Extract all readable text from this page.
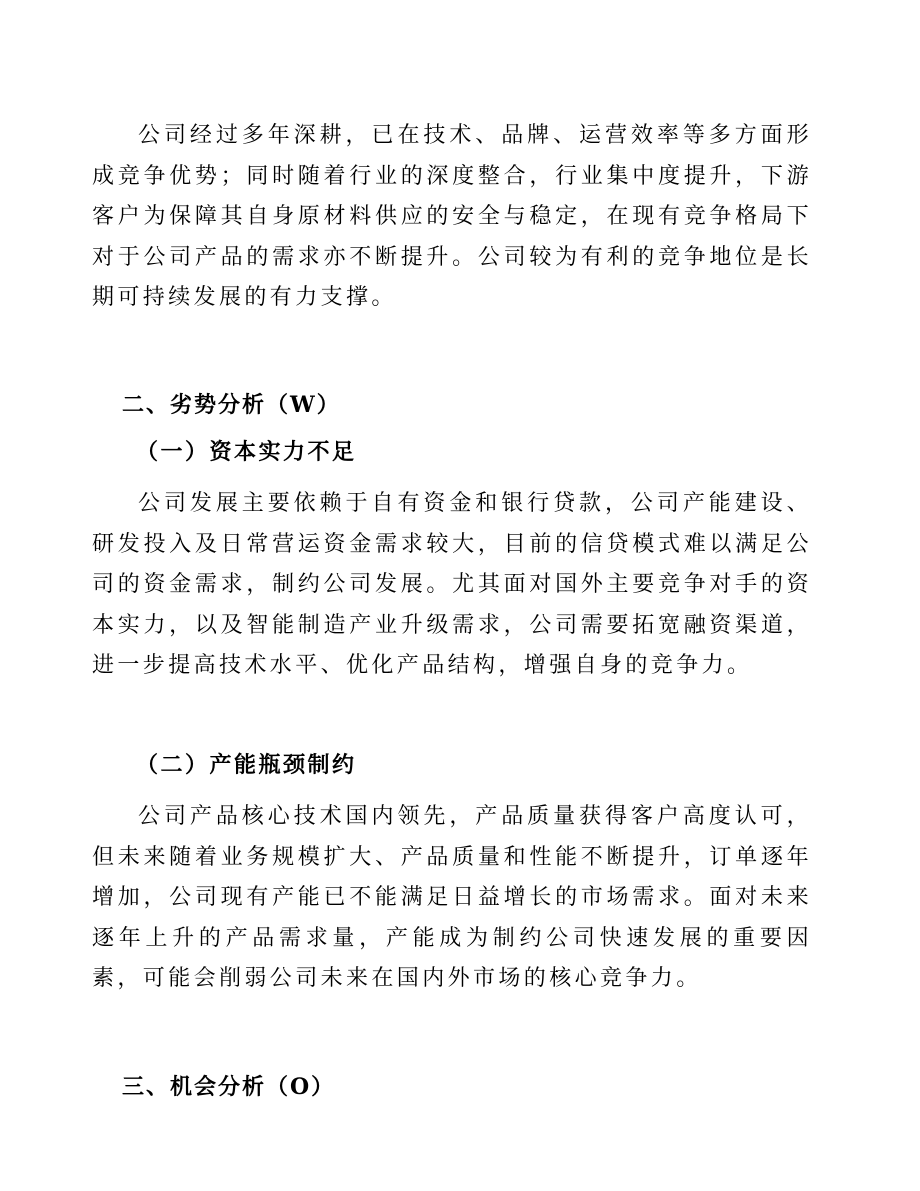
公司经过多年深耕，已在技术、品牌、运营效率等多方面形成竞争优势；同时随着行业的深度整合，行业集中度提升，下游客户为保障其自身原材料供应的安全与稳定，在现有竞争格局下对于公司产品的需求亦不断提升。公司较为有利的竞争地位是长期可持续发展的有力支撑。

二、劣势分析（W）
（一）资本实力不足

公司发展主要依赖于自有资金和银行贷款，公司产能建设、研发投入及日常营运资金需求较大，目前的信贷模式难以满足公司的资金需求，制约公司发展。尤其面对国外主要竞争对手的资本实力，以及智能制造产业升级需求，公司需要拓宽融资渠道，进一步提高技术水平、优化产品结构，增强自身的竞争力。

（二）产能瓶颈制约

公司产品核心技术国内领先，产品质量获得客户高度认可，但未来随着业务规模扩大、产品质量和性能不断提升，订单逐年增加，公司现有产能已不能满足日益增长的市场需求。面对未来逐年上升的产品需求量，产能成为制约公司快速发展的重要因素，可能会削弱公司未来在国内外市场的核心竞争力。

三、机会分析（O）
